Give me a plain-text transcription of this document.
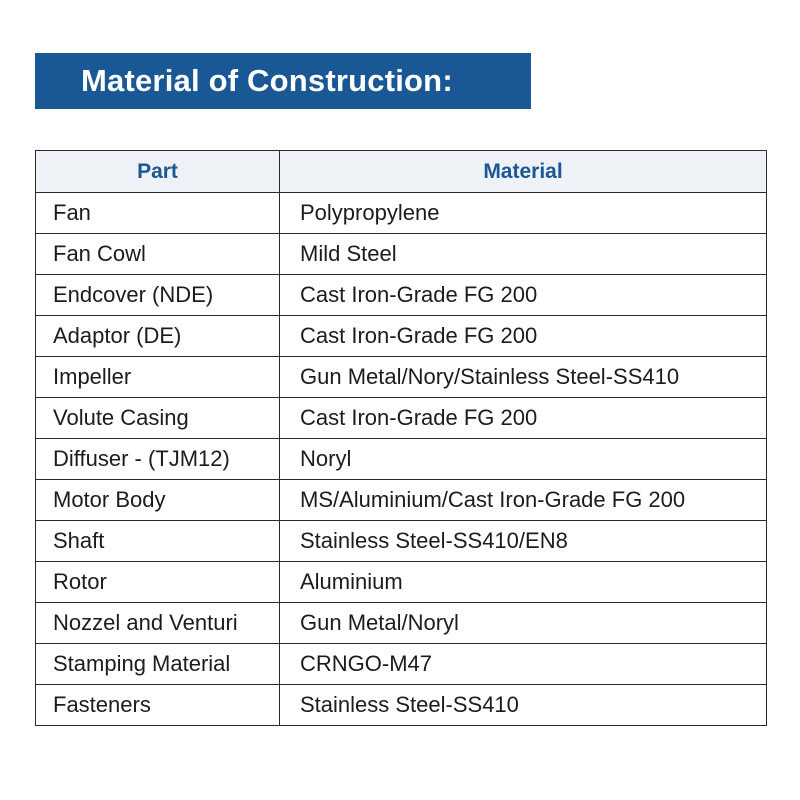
Material of Construction:
Part	Material
Fan	Polypropylene
Fan Cowl	Mild Steel
Endcover (NDE)	Cast Iron-Grade FG 200
Adaptor (DE)	Cast Iron-Grade FG 200
Impeller	Gun Metal/Nory/Stainless Steel-SS410
Volute Casing	Cast Iron-Grade FG 200
Diffuser - (TJM12)	Noryl
Motor Body	MS/Aluminium/Cast Iron-Grade FG 200
Shaft	Stainless Steel-SS410/EN8
Rotor	Aluminium
Nozzel and Venturi	Gun Metal/Noryl
Stamping Material	CRNGO-M47
Fasteners	Stainless Steel-SS410
